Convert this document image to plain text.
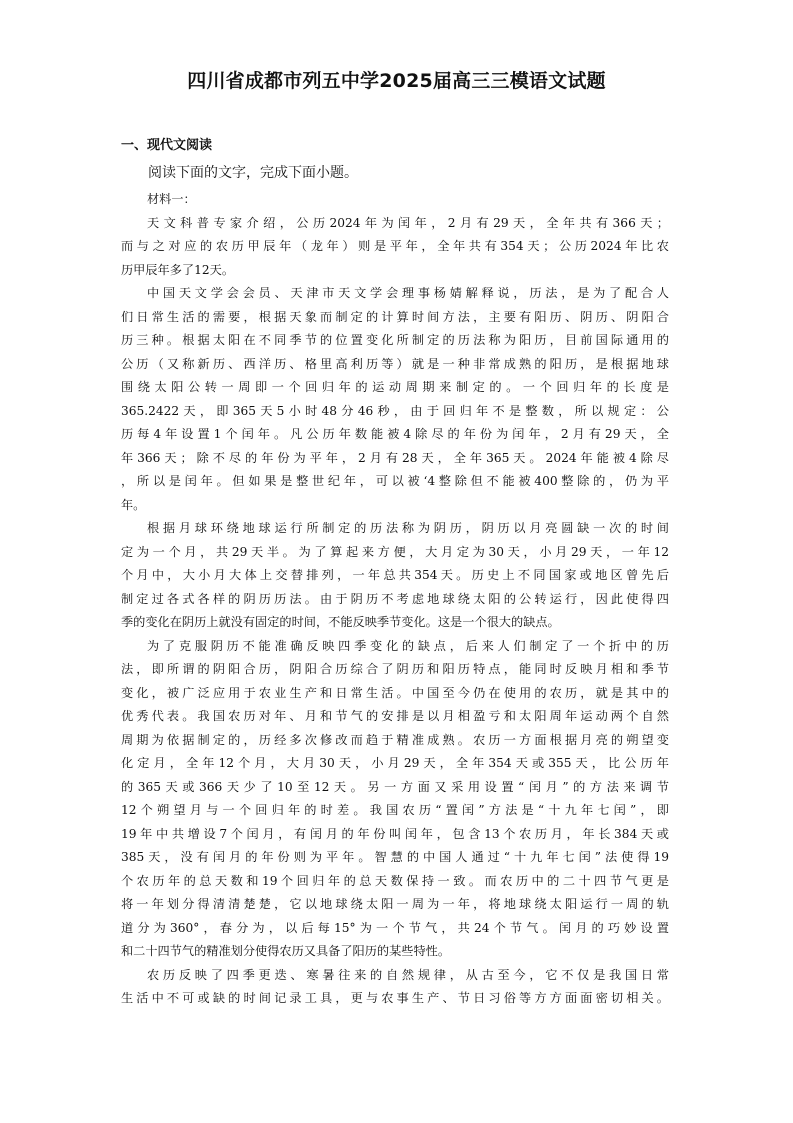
四川省成都市列五中学2025届高三三模语文试题
一、现代文阅读
阅读下面的文字，完成下面小题。
材料一：
天文科普专家介绍，公历2024年为闰年，2月有29天，全年共有366天；
而与之对应的农历甲辰年（龙年）则是平年，全年共有354天；公历2024年比农
历甲辰年多了12天。
中国天文学会会员、天津市天文学会理事杨婧解释说，历法，是为了配合人
们日常生活的需要，根据天象而制定的计算时间方法，主要有阳历、阴历、阴阳合
历三种。根据太阳在不同季节的位置变化所制定的历法称为阳历，目前国际通用的
公历（又称新历、西洋历、格里高利历等）就是一种非常成熟的阳历，是根据地球
围绕太阳公转一周即一个回归年的运动周期来制定的。一个回归年的长度是
365.2422天，即365天5小时48分46秒，由于回归年不是整数，所以规定：公
历每4年设置1个闰年。凡公历年数能被4除尽的年份为闰年，2月有29天，全
年366天；除不尽的年份为平年，2月有28天，全年365天。2024年能被4除尽
，所以是闰年。但如果是整世纪年，可以被‘4整除但不能被400整除的，仍为平
年。
根据月球环绕地球运行所制定的历法称为阴历，阴历以月亮圆缺一次的时间
定为一个月，共29天半。为了算起来方便，大月定为30天，小月29天，一年12
个月中，大小月大体上交替排列，一年总共354天。历史上不同国家或地区曾先后
制定过各式各样的阴历历法。由于阴历不考虑地球绕太阳的公转运行，因此使得四
季的变化在阴历上就没有固定的时间，不能反映季节变化。这是一个很大的缺点。
为了克服阴历不能准确反映四季变化的缺点，后来人们制定了一个折中的历
法，即所谓的阴阳合历，阴阳合历综合了阴历和阳历特点，能同时反映月相和季节
变化，被广泛应用于农业生产和日常生活。中国至今仍在使用的农历，就是其中的
优秀代表。我国农历对年、月和节气的安排是以月相盈亏和太阳周年运动两个自然
周期为依据制定的，历经多次修改而趋于精准成熟。农历一方面根据月亮的朔望变
化定月，全年12个月，大月30天，小月29天，全年354天或355天，比公历年
的365天或366天少了10至12天。另一方面又采用设置“闰月”的方法来调节
12个朔望月与一个回归年的时差。我国农历“置闰”方法是“十九年七闰”，即
19年中共增设7个闰月，有闰月的年份叫闰年，包含13个农历月，年长384天或
385天，没有闰月的年份则为平年。智慧的中国人通过“十九年七闰”法使得19
个农历年的总天数和19个回归年的总天数保持一致。而农历中的二十四节气更是
将一年划分得清清楚楚，它以地球绕太阳一周为一年，将地球绕太阳运行一周的轨
道分为360°，春分为，以后每15°为一个节气，共24个节气。闰月的巧妙设置
和二十四节气的精准划分使得农历又具备了阳历的某些特性。
农历反映了四季更迭、寒暑往来的自然规律，从古至今，它不仅是我国日常
生活中不可或缺的时间记录工具，更与农事生产、节日习俗等方方面面密切相关。
